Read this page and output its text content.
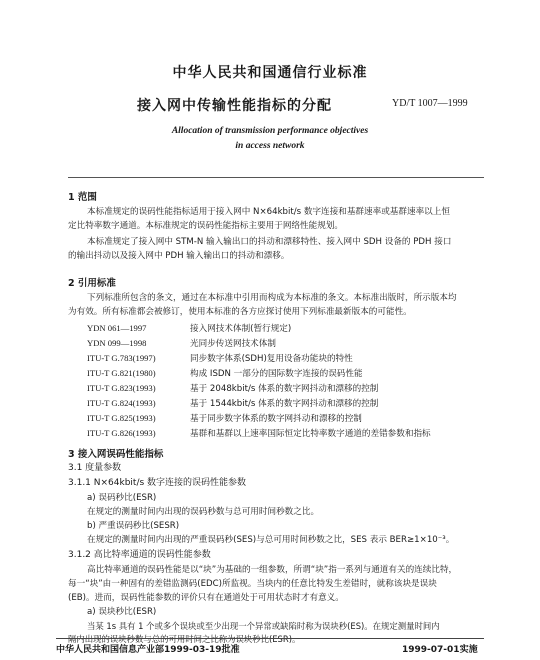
中华人民共和国通信行业标准
接入网中传输性能指标的分配	YD/T 1007—1999
Allocation of transmission performance objectives
in access network
1 范围
本标准规定的误码性能指标适用于接入网中 N×64kbit/s 数字连接和基群速率或基群速率以上恒
定比特率数字通道。本标准规定的误码性能指标主要用于网络性能规划。
本标准规定了接入网中 STM-N 输入输出口的抖动和漂移特性、接入网中 SDH 设备的 PDH 接口
的输出抖动以及接入网中 PDH 输入输出口的抖动和漂移。
2 引用标准
下列标准所包含的条文，通过在本标准中引用而构成为本标准的条文。本标准出版时，所示版本均
为有效。所有标准都会被修订，使用本标准的各方应探讨使用下列标准最新版本的可能性。
YDN 061—1997	接入网技术体制(暂行规定)
YDN 099—1998	光同步传送网技术体制
ITU-T G.783(1997)	同步数字体系(SDH)复用设备功能块的特性
ITU-T G.821(1980)	构成 ISDN 一部分的国际数字连接的误码性能
ITU-T G.823(1993)	基于 2048kbit/s 体系的数字网抖动和漂移的控制
ITU-T G.824(1993)	基于 1544kbit/s 体系的数字网抖动和漂移的控制
ITU-T G.825(1993)	基于同步数字体系的数字网抖动和漂移的控制
ITU-T G.826(1993)	基群和基群以上速率国际恒定比特率数字通道的差错参数和指标
3 接入网误码性能指标
3.1 度量参数
3.1.1 N×64kbit/s 数字连接的误码性能参数
a) 误码秒比(ESR)
在规定的测量时间内出现的误码秒数与总可用时间秒数之比。
b) 严重误码秒比(SESR)
在规定的测量时间内出现的严重误码秒(SES)与总可用时间秒数之比，SES 表示 BER≥1×10⁻³。
3.1.2 高比特率通道的误码性能参数
高比特率通道的误码性能是以“块”为基础的一组参数，所谓“块”指一系列与通道有关的连续比特，
每一“块”由一种固有的差错监测码(EDC)所监视。当块内的任意比特发生差错时，就称该块是误块
(EB)。进而，误码性能参数的评价只有在通道处于可用状态时才有意义。
a) 误块秒比(ESR)
当某 1s 具有 1 个或多个误块或至少出现一个异常或缺陷时称为误块秒(ES)。在规定测量时间内
隔内出现的误块秒数与总的可用时间之比称为误块秒比(ESR)。
中华人民共和国信息产业部1999-03-19批准	1999-07-01实施
